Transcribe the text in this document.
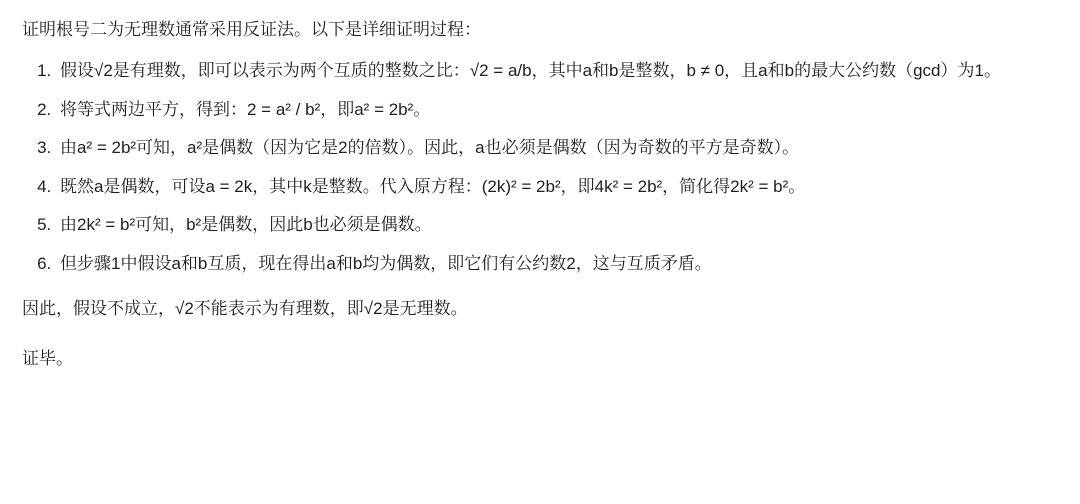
证明根号二为无理数通常采用反证法。以下是详细证明过程：

1. 假设√2是有理数，即可以表示为两个互质的整数之比：√2 = a/b，其中a和b是整数，b ≠ 0，且a和b的最大公约数（gcd）为1。
2. 将等式两边平方，得到：2 = a² / b²，即a² = 2b²。
3. 由a² = 2b²可知，a²是偶数（因为它是2的倍数）。因此，a也必须是偶数（因为奇数的平方是奇数）。
4. 既然a是偶数，可设a = 2k，其中k是整数。代入原方程：(2k)² = 2b²，即4k² = 2b²，简化得2k² = b²。
5. 由2k² = b²可知，b²是偶数，因此b也必须是偶数。
6. 但步骤1中假设a和b互质，现在得出a和b均为偶数，即它们有公约数2，这与互质矛盾。

因此，假设不成立，√2不能表示为有理数，即√2是无理数。

证毕。
